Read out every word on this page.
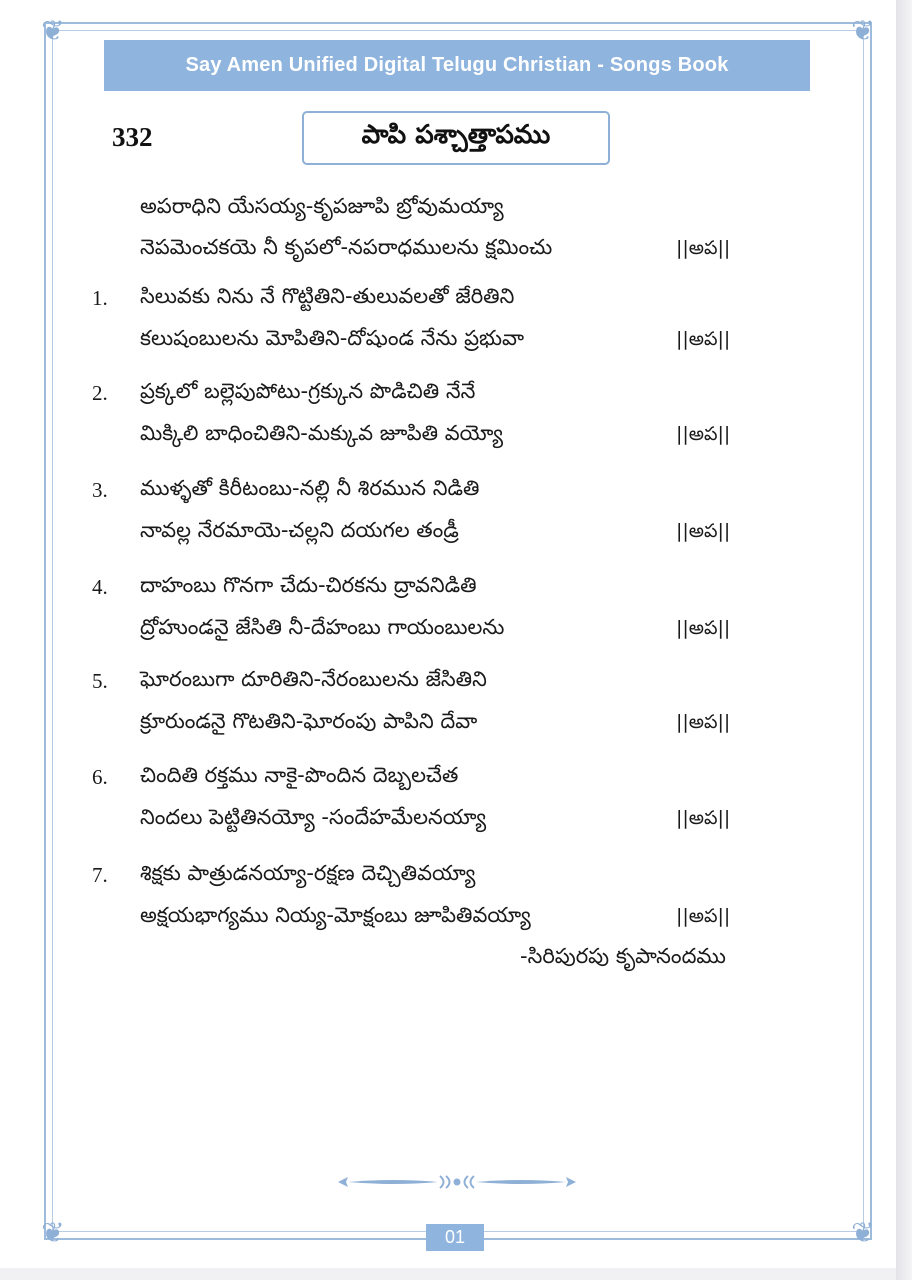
❦	❦
❦	❦
Say Amen Unified Digital Telugu Christian - Songs Book
332	పాపి పశ్చాత్తాపము
అపరాధిని యేసయ్య-కృపజూపి బ్రోవుమయ్యా
నెపమెంచకయె నీ కృపలో-నపరాధములను క్షమించు	||అప||
1. సిలువకు నిను నే గొట్టితిని-తులువలతో జేరితిని
కలుషంబులను మోపితిని-దోషుండ నేను ప్రభువా	||అప||
2. ప్రక్కలో బల్లెపుపోటు-గ్రక్కున పొడిచితి నేనే
మిక్కిలి బాధించితిని-మక్కువ జూపితి వయ్యో	||అప||
3. ముళ్ళతో కిరీటంబు-నల్లి నీ శిరమున నిడితి
నావల్ల నేరమాయె-చల్లని దయగల తండ్రీ	||అప||
4. దాహంబు గొనగా చేదు-చిరకను ద్రావనిడితి
ద్రోహుండనై జేసితి నీ-దేహంబు గాయంబులను	||అప||
5. ఘోరంబుగా దూరితిని-నేరంబులను జేసితిని
క్రూరుండనై గొటతిని-ఘోరంపు పాపిని దేవా	||అప||
6. చిందితి రక్తము నాకై-పొందిన దెబ్బలచేత
నిందలు పెట్టితినయ్యో -సందేహమేలనయ్యా	||అప||
7. శిక్షకు పాత్రుడనయ్యా-రక్షణ దెచ్చితివయ్యా
అక్షయభాగ్యము నియ్య-మోక్షంబు జూపితివయ్యా	||అప||
-సిరిపురపు కృపానందము
01
